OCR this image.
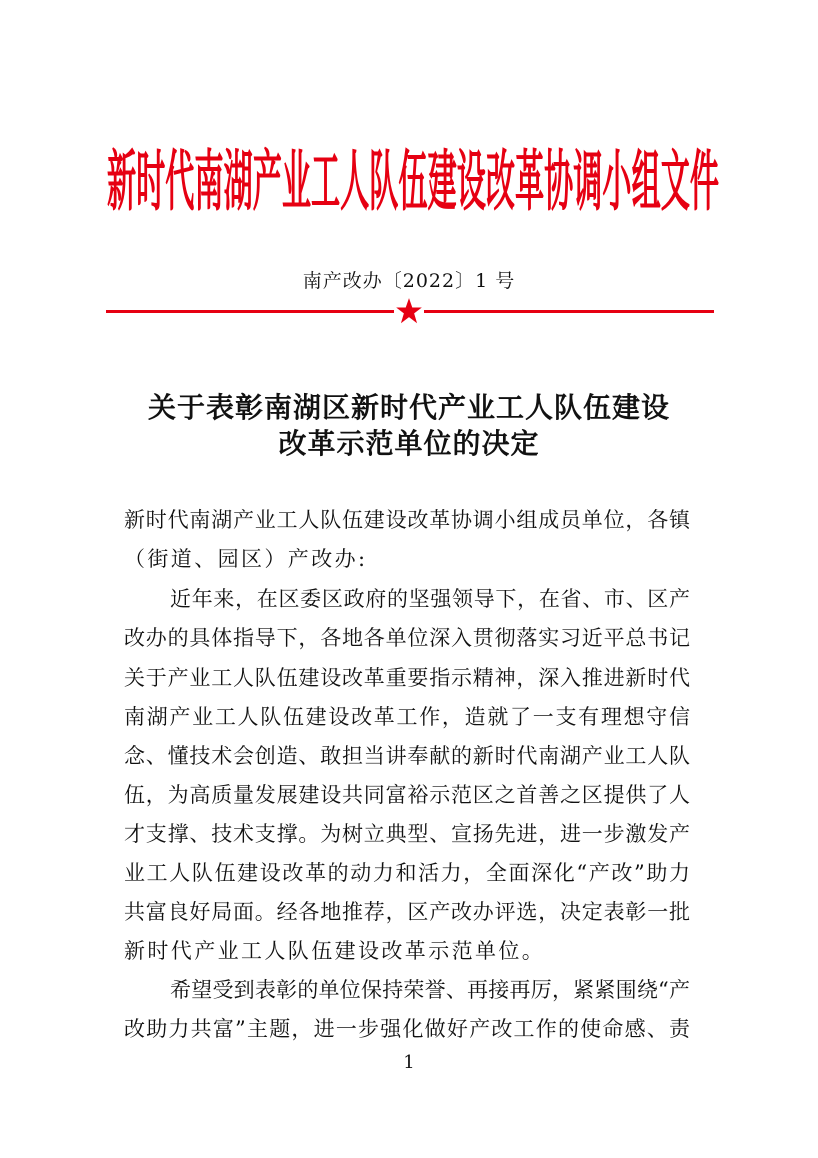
新时代南湖产业工人队伍建设改革协调小组文件
南产改办〔2022〕1 号
关于表彰南湖区新时代产业工人队伍建设
改革示范单位的决定
新时代南湖产业工人队伍建设改革协调小组成员单位，各镇
（街道、园区）产改办:
近年来，在区委区政府的坚强领导下，在省、市、区产
改办的具体指导下，各地各单位深入贯彻落实习近平总书记
关于产业工人队伍建设改革重要指示精神，深入推进新时代
南湖产业工人队伍建设改革工作，造就了一支有理想守信
念、懂技术会创造、敢担当讲奉献的新时代南湖产业工人队
伍，为高质量发展建设共同富裕示范区之首善之区提供了人
才支撑、技术支撑。为树立典型、宣扬先进，进一步激发产
业工人队伍建设改革的动力和活力，全面深化“产改”助力
共富良好局面。经各地推荐，区产改办评选，决定表彰一批
新时代产业工人队伍建设改革示范单位。
希望受到表彰的单位保持荣誉、再接再厉，紧紧围绕“产
改助力共富”主题，进一步强化做好产改工作的使命感、责
1
